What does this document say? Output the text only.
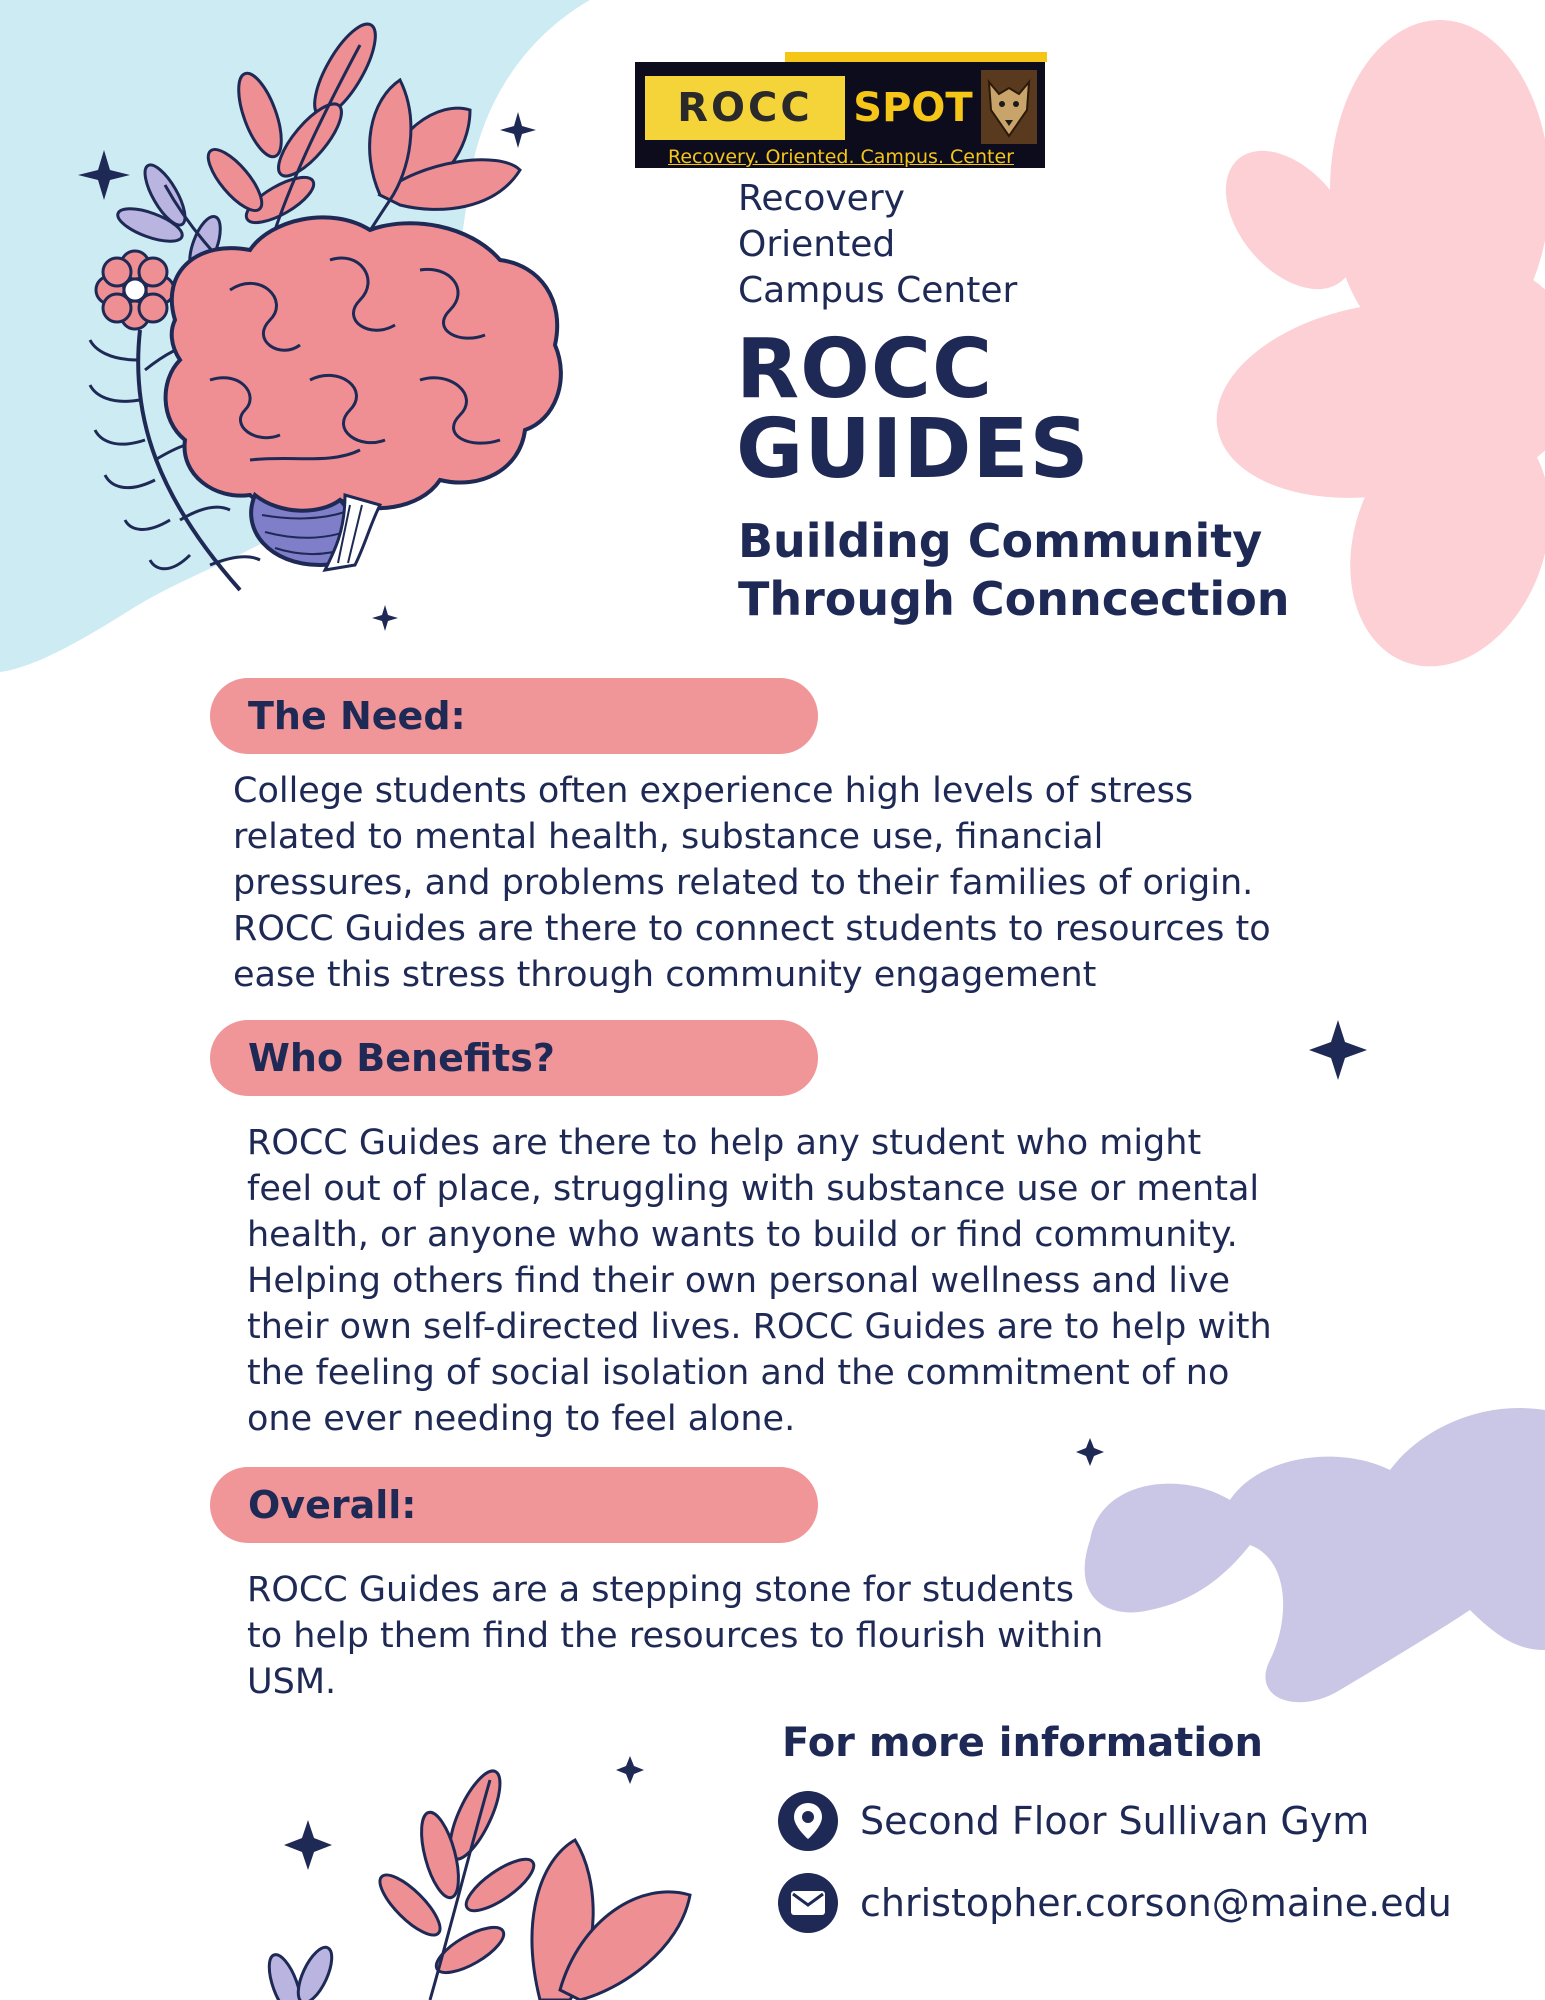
ROCC	SPOT
Recovery. Oriented. Campus. Center
Recovery
Oriented
Campus Center
ROCC
GUIDES
Building Community
Through Conncection
The Need:
College students often experience high levels of stress
related to mental health, substance use, financial
pressures, and problems related to their families of origin.
ROCC Guides are there to connect students to resources to
ease this stress through community engagement
Who Benefits?
ROCC Guides are there to help any student who might
feel out of place, struggling with substance use or mental
health, or anyone who wants to build or find community.
Helping others find their own personal wellness and live
their own self-directed lives. ROCC Guides are to help with
the feeling of social isolation and the commitment of no
one ever needing to feel alone.
Overall:
ROCC Guides are a stepping stone for students
to help them find the resources to flourish within
USM.
For more information
Second Floor Sullivan Gym
christopher.corson@maine.edu
